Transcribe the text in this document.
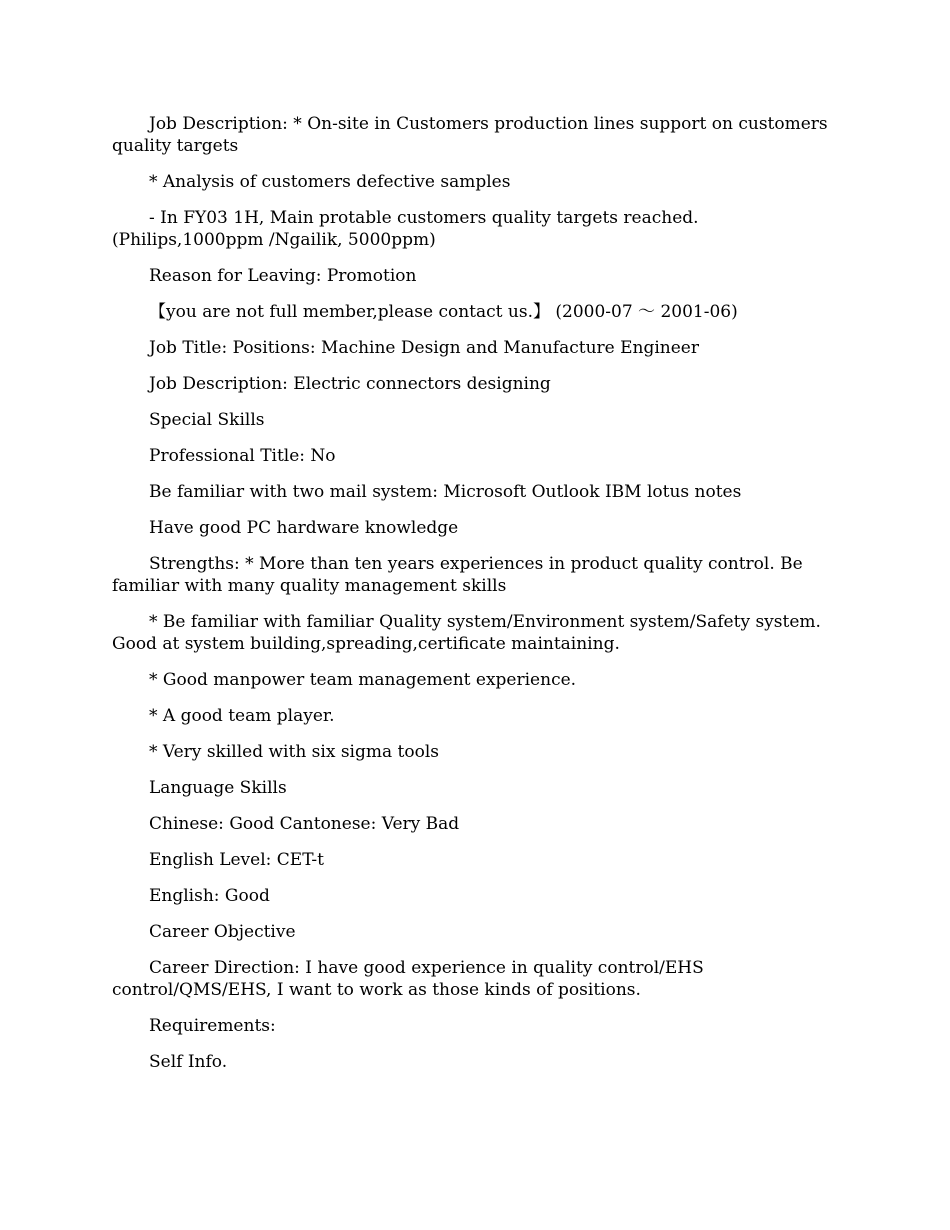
Job Description: * On-site in Customers production lines support on customers quality targets

* Analysis of customers defective samples

- In FY03 1H, Main protable customers quality targets reached.(Philips,1000ppm /Ngailik, 5000ppm)

Reason for Leaving: Promotion

【you are not full member,please contact us.】 (2000-07 ～ 2001-06)

Job Title: Positions: Machine Design and Manufacture Engineer

Job Description: Electric connectors designing

Special Skills

Professional Title: No

Be familiar with two mail system: Microsoft Outlook IBM lotus notes

Have good PC hardware knowledge

Strengths: * More than ten years experiences in product quality control. Be familiar with many quality management skills

* Be familiar with familiar Quality system/Environment system/Safety system. Good at system building,spreading,certificate maintaining.

* Good manpower team management experience.

* A good team player.

* Very skilled with six sigma tools

Language Skills

Chinese: Good Cantonese: Very Bad

English Level: CET-t

English: Good

Career Objective

Career Direction: I have good experience in quality control/EHS control/QMS/EHS, I want to work as those kinds of positions.

Requirements:

Self Info.
